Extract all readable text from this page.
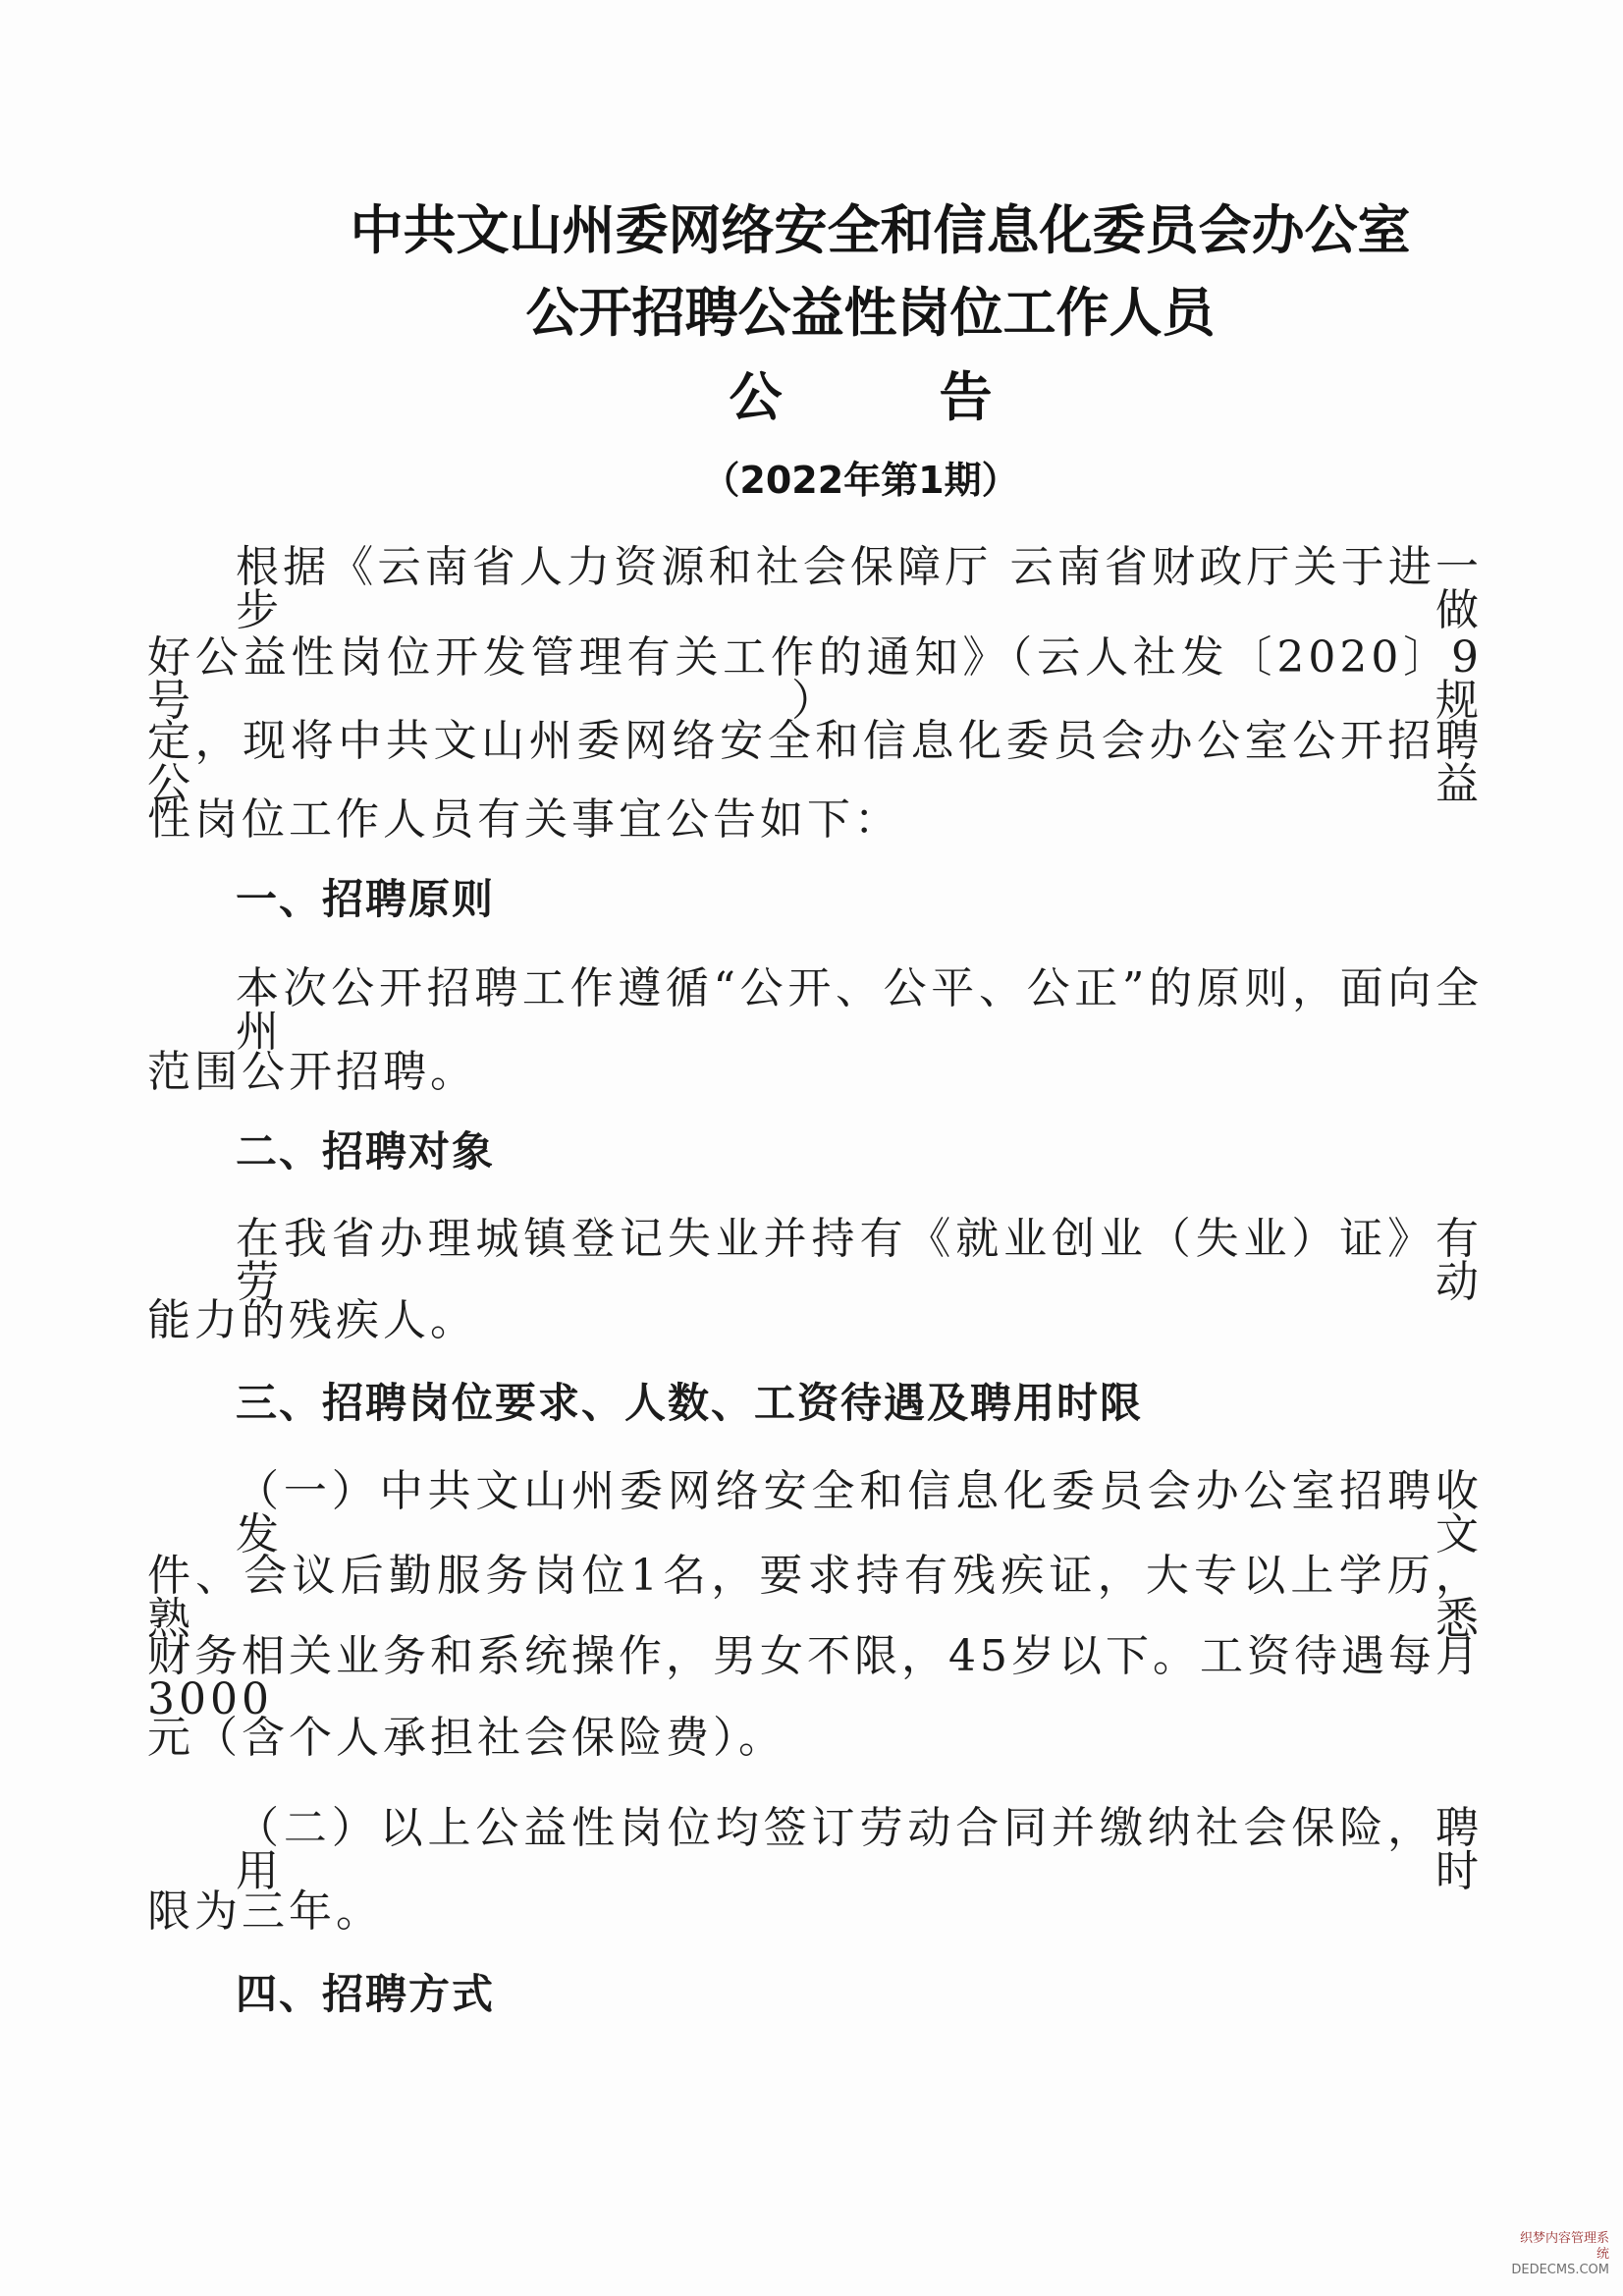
中共文山州委网络安全和信息化委员会办公室
公开招聘公益性岗位工作人员
公告

（2022年第1期）

根据《云南省人力资源和社会保障厅 云南省财政厅关于进一步做

好公益性岗位开发管理有关工作的通知》（云人社发〔2020〕9号）规

定，现将中共文山州委网络安全和信息化委员会办公室公开招聘公益

性岗位工作人员有关事宜公告如下：

一、招聘原则

本次公开招聘工作遵循“公开、公平、公正”的原则，面向全州

范围公开招聘。

二、招聘对象

在我省办理城镇登记失业并持有《就业创业（失业）证》有劳动

能力的残疾人。

三、招聘岗位要求、人数、工资待遇及聘用时限

（一）中共文山州委网络安全和信息化委员会办公室招聘收发文

件、会议后勤服务岗位1名，要求持有残疾证，大专以上学历，熟悉

财务相关业务和系统操作，男女不限，45岁以下。工资待遇每月3000

元（含个人承担社会保险费）。

（二）以上公益性岗位均签订劳动合同并缴纳社会保险，聘用时

限为三年。

四、招聘方式

织梦内容管理系统
DEDECMS.COM
